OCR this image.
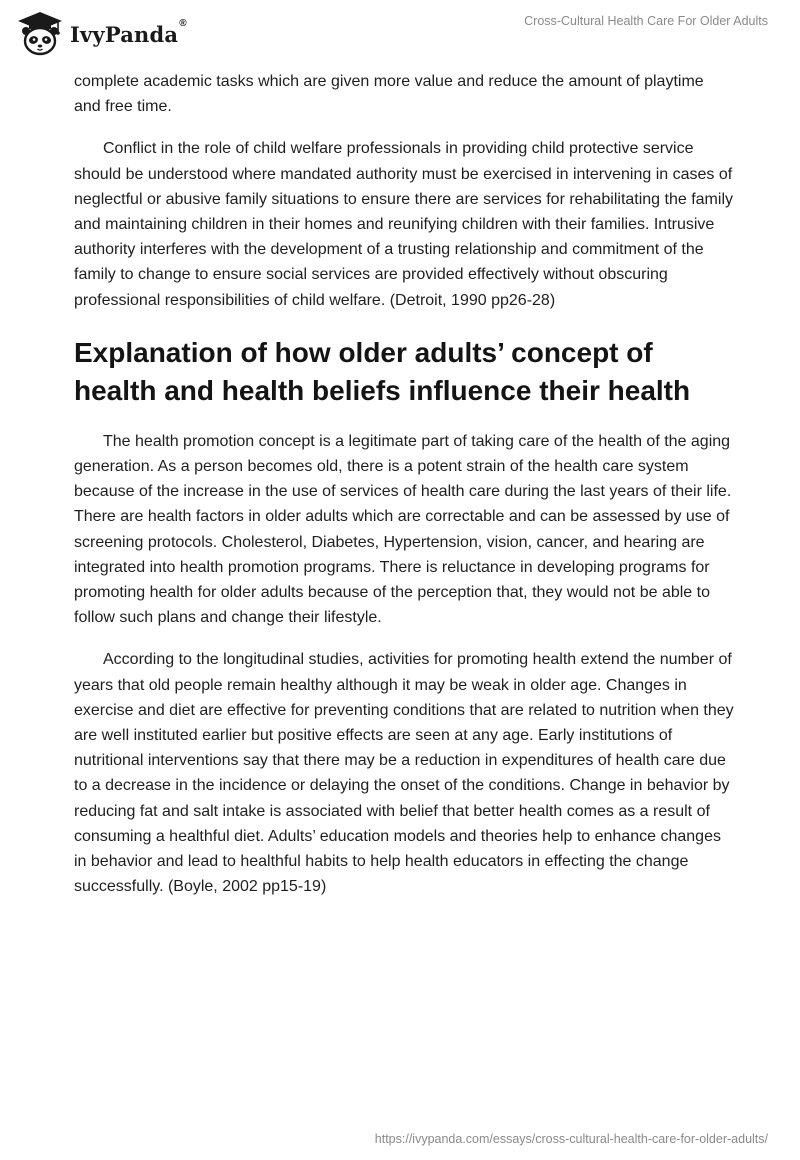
IvyPanda®	Cross-Cultural Health Care For Older Adults

complete academic tasks which are given more value and reduce the amount of playtime and free time.

Conflict in the role of child welfare professionals in providing child protective service should be understood where mandated authority must be exercised in intervening in cases of neglectful or abusive family situations to ensure there are services for rehabilitating the family and maintaining children in their homes and reunifying children with their families. Intrusive authority interferes with the development of a trusting relationship and commitment of the family to change to ensure social services are provided effectively without obscuring professional responsibilities of child welfare. (Detroit, 1990 pp26-28)

Explanation of how older adults’ concept of health and health beliefs influence their health

The health promotion concept is a legitimate part of taking care of the health of the aging generation. As a person becomes old, there is a potent strain of the health care system because of the increase in the use of services of health care during the last years of their life. There are health factors in older adults which are correctable and can be assessed by use of screening protocols. Cholesterol, Diabetes, Hypertension, vision, cancer, and hearing are integrated into health promotion programs. There is reluctance in developing programs for promoting health for older adults because of the perception that, they would not be able to follow such plans and change their lifestyle.

According to the longitudinal studies, activities for promoting health extend the number of years that old people remain healthy although it may be weak in older age. Changes in exercise and diet are effective for preventing conditions that are related to nutrition when they are well instituted earlier but positive effects are seen at any age. Early institutions of nutritional interventions say that there may be a reduction in expenditures of health care due to a decrease in the incidence or delaying the onset of the conditions. Change in behavior by reducing fat and salt intake is associated with belief that better health comes as a result of consuming a healthful diet. Adults’ education models and theories help to enhance changes in behavior and lead to healthful habits to help health educators in effecting the change successfully. (Boyle, 2002 pp15-19)

https://ivypanda.com/essays/cross-cultural-health-care-for-older-adults/
